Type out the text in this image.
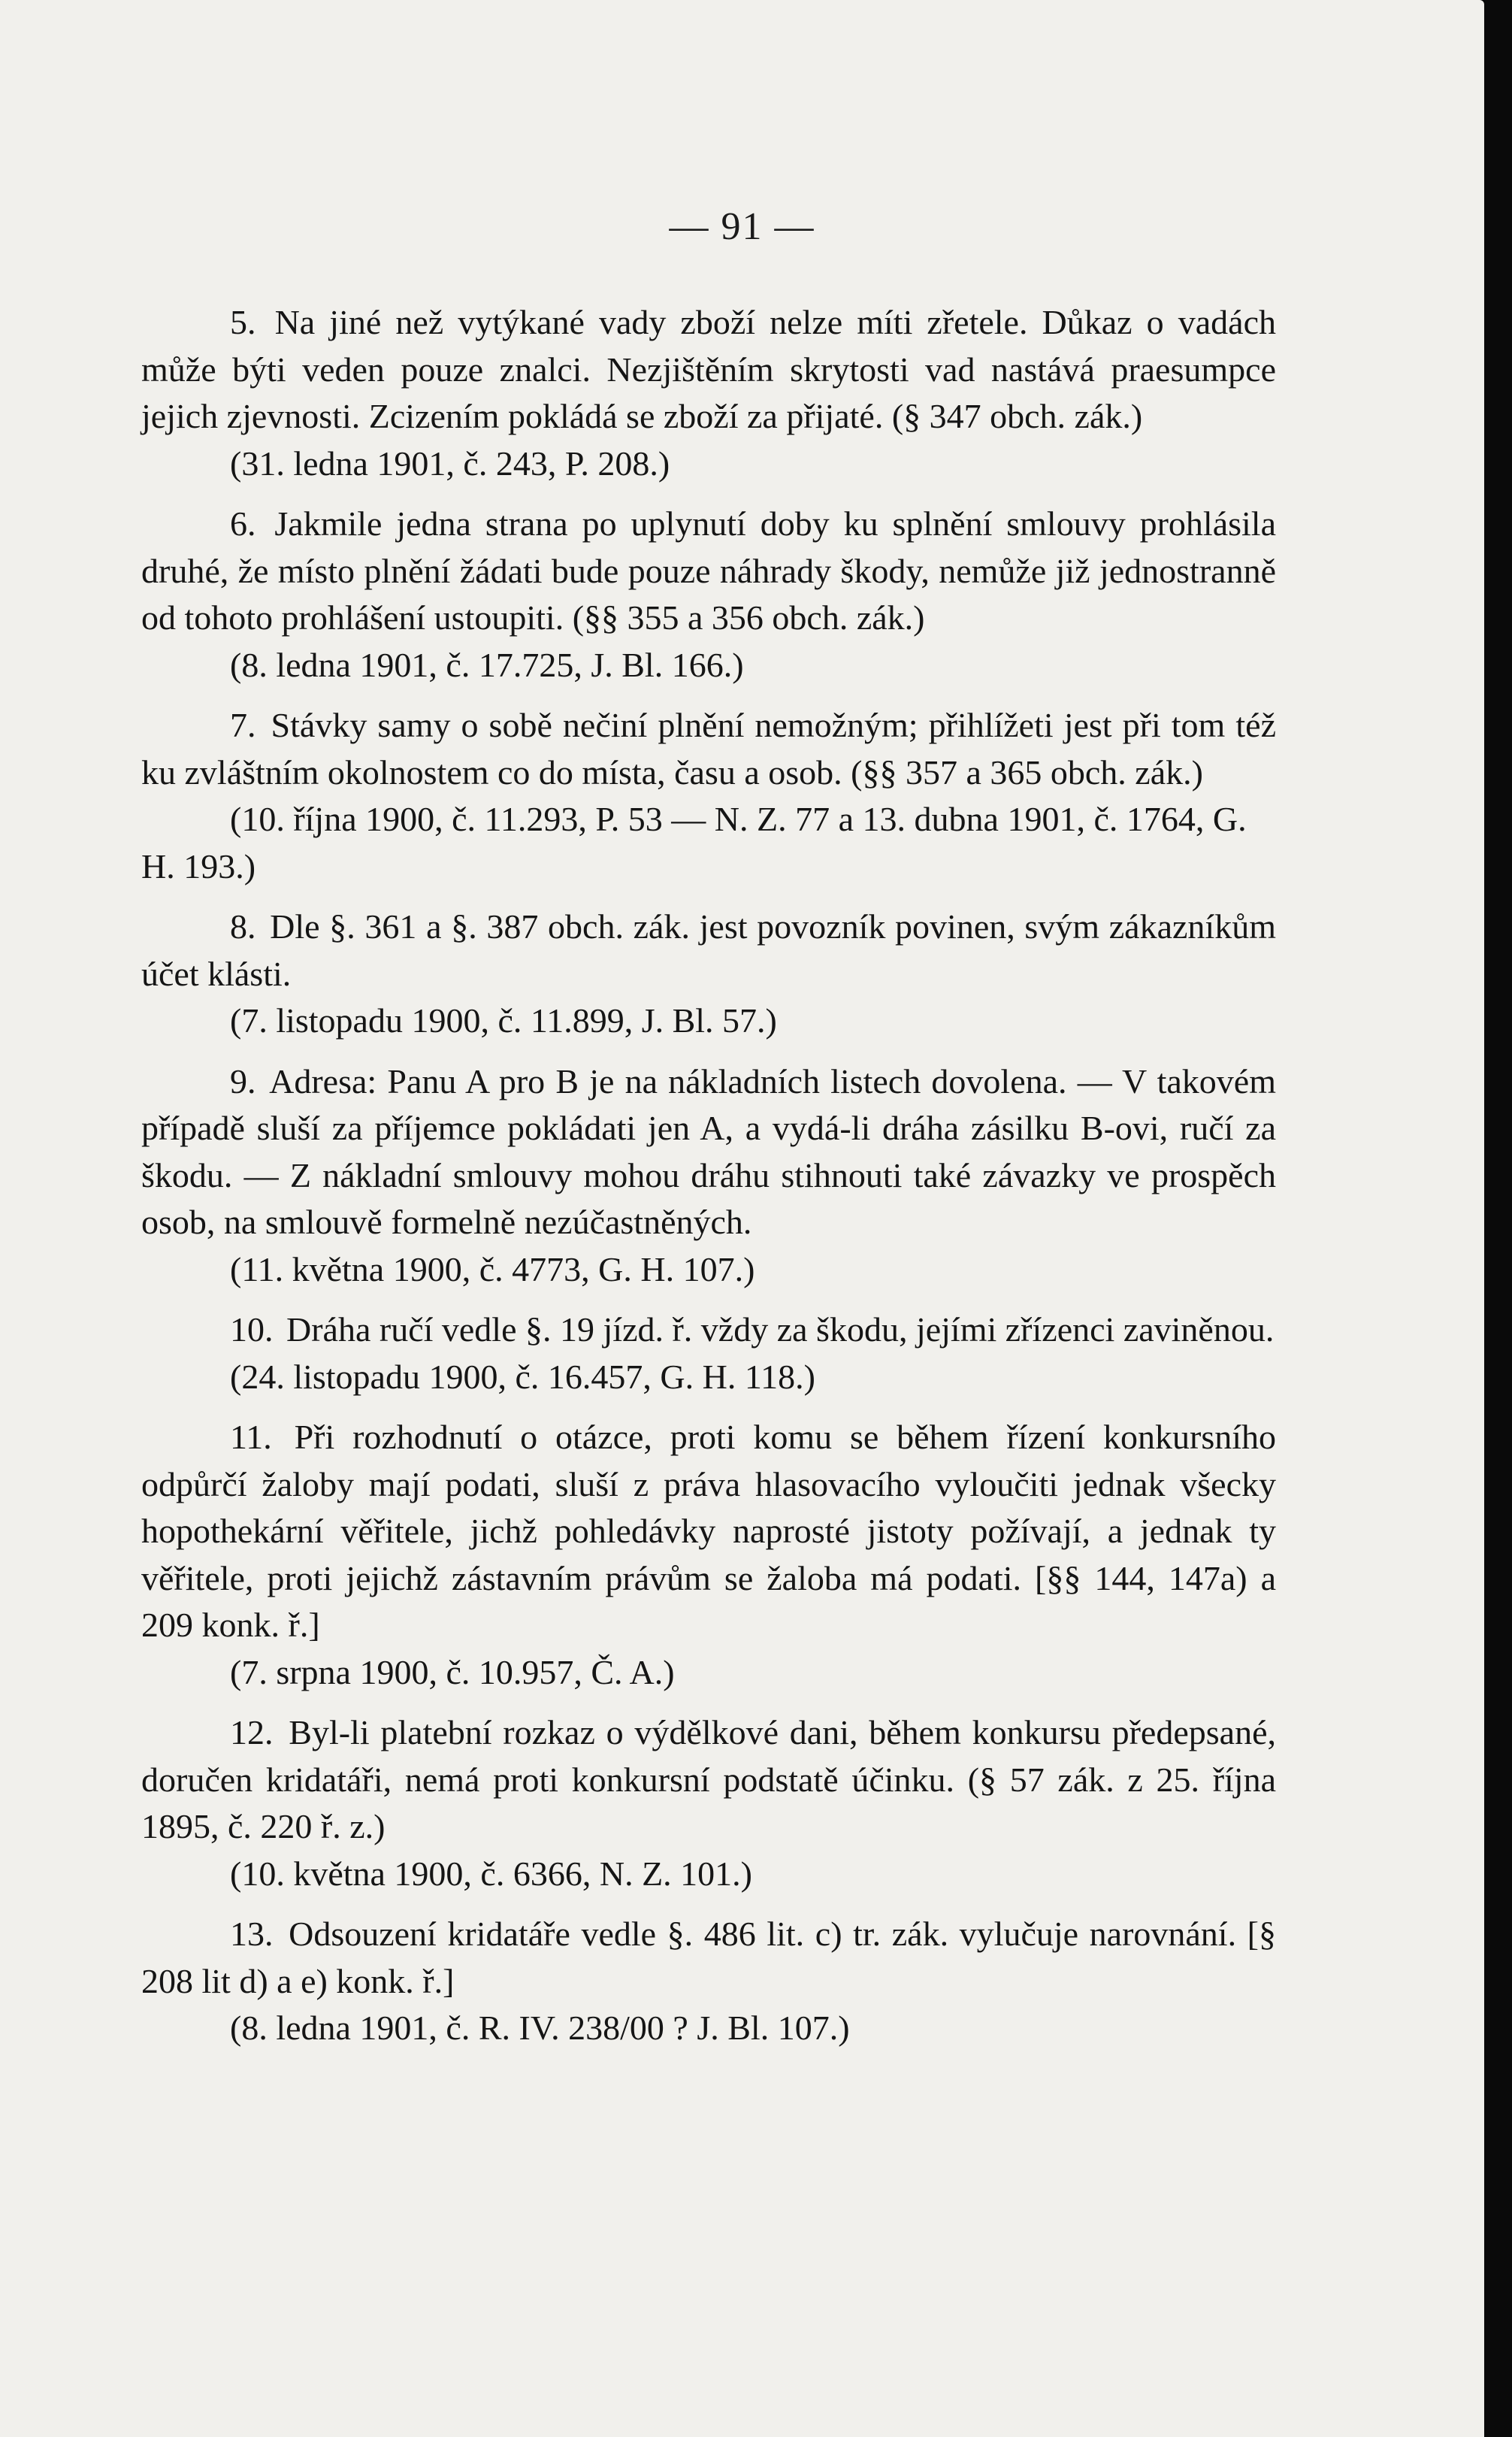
— 91 —

5. Na jiné než vytýkané vady zboží nelze míti zřetele. Důkaz o vadách může býti veden pouze znalci. Nezjištěním skrytosti vad nastává praesumpce jejich zjevnosti. Zcizením pokládá se zboží za přijaté. (§ 347 obch. zák.)

(31. ledna 1901, č. 243, P. 208.)

6. Jakmile jedna strana po uplynutí doby ku splnění smlouvy prohlásila druhé, že místo plnění žádati bude pouze náhrady škody, nemůže již jednostranně od tohoto prohlášení ustoupiti. (§§ 355 a 356 obch. zák.)

(8. ledna 1901, č. 17.725, J. Bl. 166.)

7. Stávky samy o sobě nečiní plnění nemožným; přihlížeti jest při tom též ku zvláštním okolnostem co do místa, času a osob. (§§ 357 a 365 obch. zák.)

(10. října 1900, č. 11.293, P. 53 — N. Z. 77 a 13. dubna 1901, č. 1764, G. H. 193.)

8. Dle §. 361 a §. 387 obch. zák. jest povozník povinen, svým zákazníkům účet klásti.

(7. listopadu 1900, č. 11.899, J. Bl. 57.)

9. Adresa: Panu A pro B je na nákladních listech dovolena. — V takovém případě sluší za příjemce pokládati jen A, a vydá-li dráha zásilku B-ovi, ručí za škodu. — Z nákladní smlouvy mohou dráhu stihnouti také závazky ve prospěch osob, na smlouvě formelně nezúčastněných.

(11. května 1900, č. 4773, G. H. 107.)

10. Dráha ručí vedle §. 19 jízd. ř. vždy za škodu, jejími zřízenci zaviněnou.

(24. listopadu 1900, č. 16.457, G. H. 118.)

11. Při rozhodnutí o otázce, proti komu se během řízení konkursního odpůrčí žaloby mají podati, sluší z práva hlasovacího vyloučiti jednak všecky hopothekární věřitele, jichž pohledávky naprosté jistoty požívají, a jednak ty věřitele, proti jejichž zástavním právům se žaloba má podati. [§§ 144, 147a) a 209 konk. ř.]

(7. srpna 1900, č. 10.957, Č. A.)

12. Byl-li platební rozkaz o výdělkové dani, během konkursu předepsané, doručen kridatáři, nemá proti konkursní podstatě účinku. (§ 57 zák. z 25. října 1895, č. 220 ř. z.)

(10. května 1900, č. 6366, N. Z. 101.)

13. Odsouzení kridatáře vedle §. 486 lit. c) tr. zák. vylučuje narovnání. [§ 208 lit d) a e) konk. ř.]

(8. ledna 1901, č. R. IV. 238/00 ? J. Bl. 107.)
